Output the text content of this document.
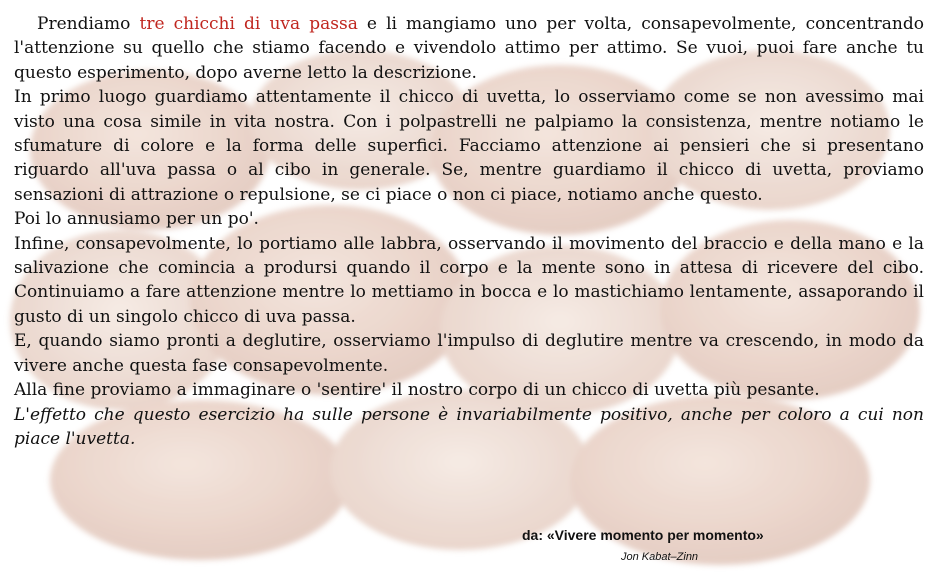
Prendiamo tre chicchi di uva passa e li mangiamo uno per volta, consapevolmente, concentrando l'attenzione su quello che stiamo facendo e vivendolo attimo per attimo. Se vuoi, puoi fare anche tu questo esperimento, dopo averne letto la descrizione.

In primo luogo guardiamo attentamente il chicco di uvetta, lo osserviamo come se non avessimo mai visto una cosa simile in vita nostra. Con i polpastrelli ne palpiamo la consistenza, mentre notiamo le sfumature di colore e la forma delle superfici. Facciamo attenzione ai pensieri che si presentano riguardo all'uva passa o al cibo in generale. Se, mentre guardiamo il chicco di uvetta, proviamo sensazioni di attrazione o repulsione, se ci piace o non ci piace, notiamo anche questo.

Poi lo annusiamo per un po'.

Infine, consapevolmente, lo portiamo alle labbra, osservando il movimento del braccio e della mano e la salivazione che comincia a prodursi quando il corpo e la mente sono in attesa di ricevere del cibo. Continuiamo a fare attenzione mentre lo mettiamo in bocca e lo mastichiamo lentamente, assaporando il gusto di un singolo chicco di uva passa.

E, quando siamo pronti a deglutire, osserviamo l'impulso di deglutire mentre va crescendo, in modo da vivere anche questa fase consapevolmente.

Alla fine proviamo a immaginare o 'sentire' il nostro corpo di un chicco di uvetta più pesante.

L'effetto che questo esercizio ha sulle persone è invariabilmente positivo, anche per coloro a cui non piace l'uvetta.

da: «Vivere momento per momento»
Jon Kabat–Zinn
